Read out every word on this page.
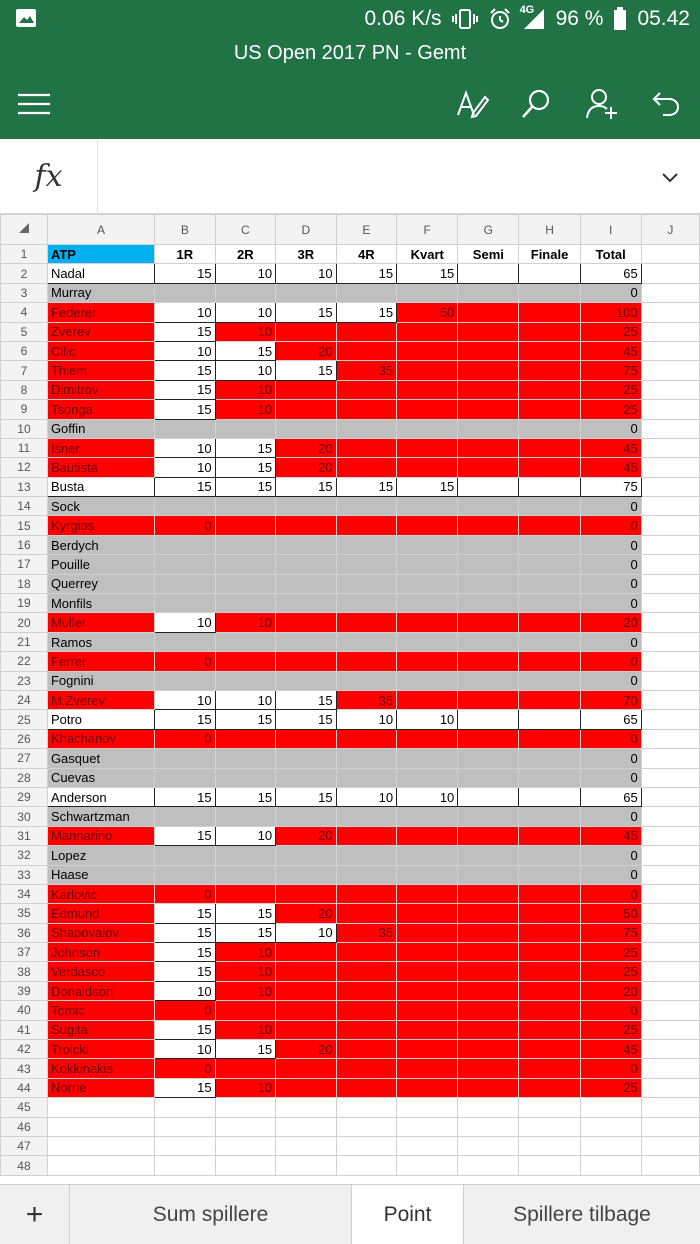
0.06 K/s	4G 96 % 05.42
US Open 2017 PN - Gemt
fx
	A	B	C	D	E	F	G	H	I	J
1	ATP	1R	2R	3R	4R	Kvart	Semi	Finale	Total	
2	Nadal	15	10	10	15	15			65	
3	Murray								0	
4	Federer	10	10	15	15	50			100	
5	Zverev	15	10						25	
6	Cilic	10	15	20					45	
7	Thiem	15	10	15	35				75	
8	Dimitrov	15	10						25	
9	Tsonga	15	10						25	
10	Goffin								0	
11	Isner	10	15	20					45	
12	Bautista	10	15	20					45	
13	Busta	15	15	15	15	15			75	
14	Sock								0	
15	Kyrgios	0							0	
16	Berdych								0	
17	Pouille								0	
18	Querrey								0	
19	Monfils								0	
20	Muller	10	10						20	
21	Ramos								0	
22	Ferrer	0							0	
23	Fognini								0	
24	M.Zverev	10	10	15	35				70	
25	Potro	15	15	15	10	10			65	
26	Khachanov	0							0	
27	Gasquet								0	
28	Cuevas								0	
29	Anderson	15	15	15	10	10			65	
30	Schwartzman								0	
31	Mannarino	15	10	20					45	
32	Lopez								0	
33	Haase								0	
34	Karlovic	0							0	
35	Edmund	15	15	20					50	
36	Shapovalov	15	15	10	35				75	
37	Johnson	15	10						25	
38	Verdasco	15	10						25	
39	Donaldson	10	10						20	
40	Tomic	0							0	
41	Sugita	15	10						25	
42	Troicki	10	15	20					45	
43	Kokkinakis	0							0	
44	Norrie	15	10						25	
45										
46										
47										
48										
+	Sum spillere	Point	Spillere tilbage
